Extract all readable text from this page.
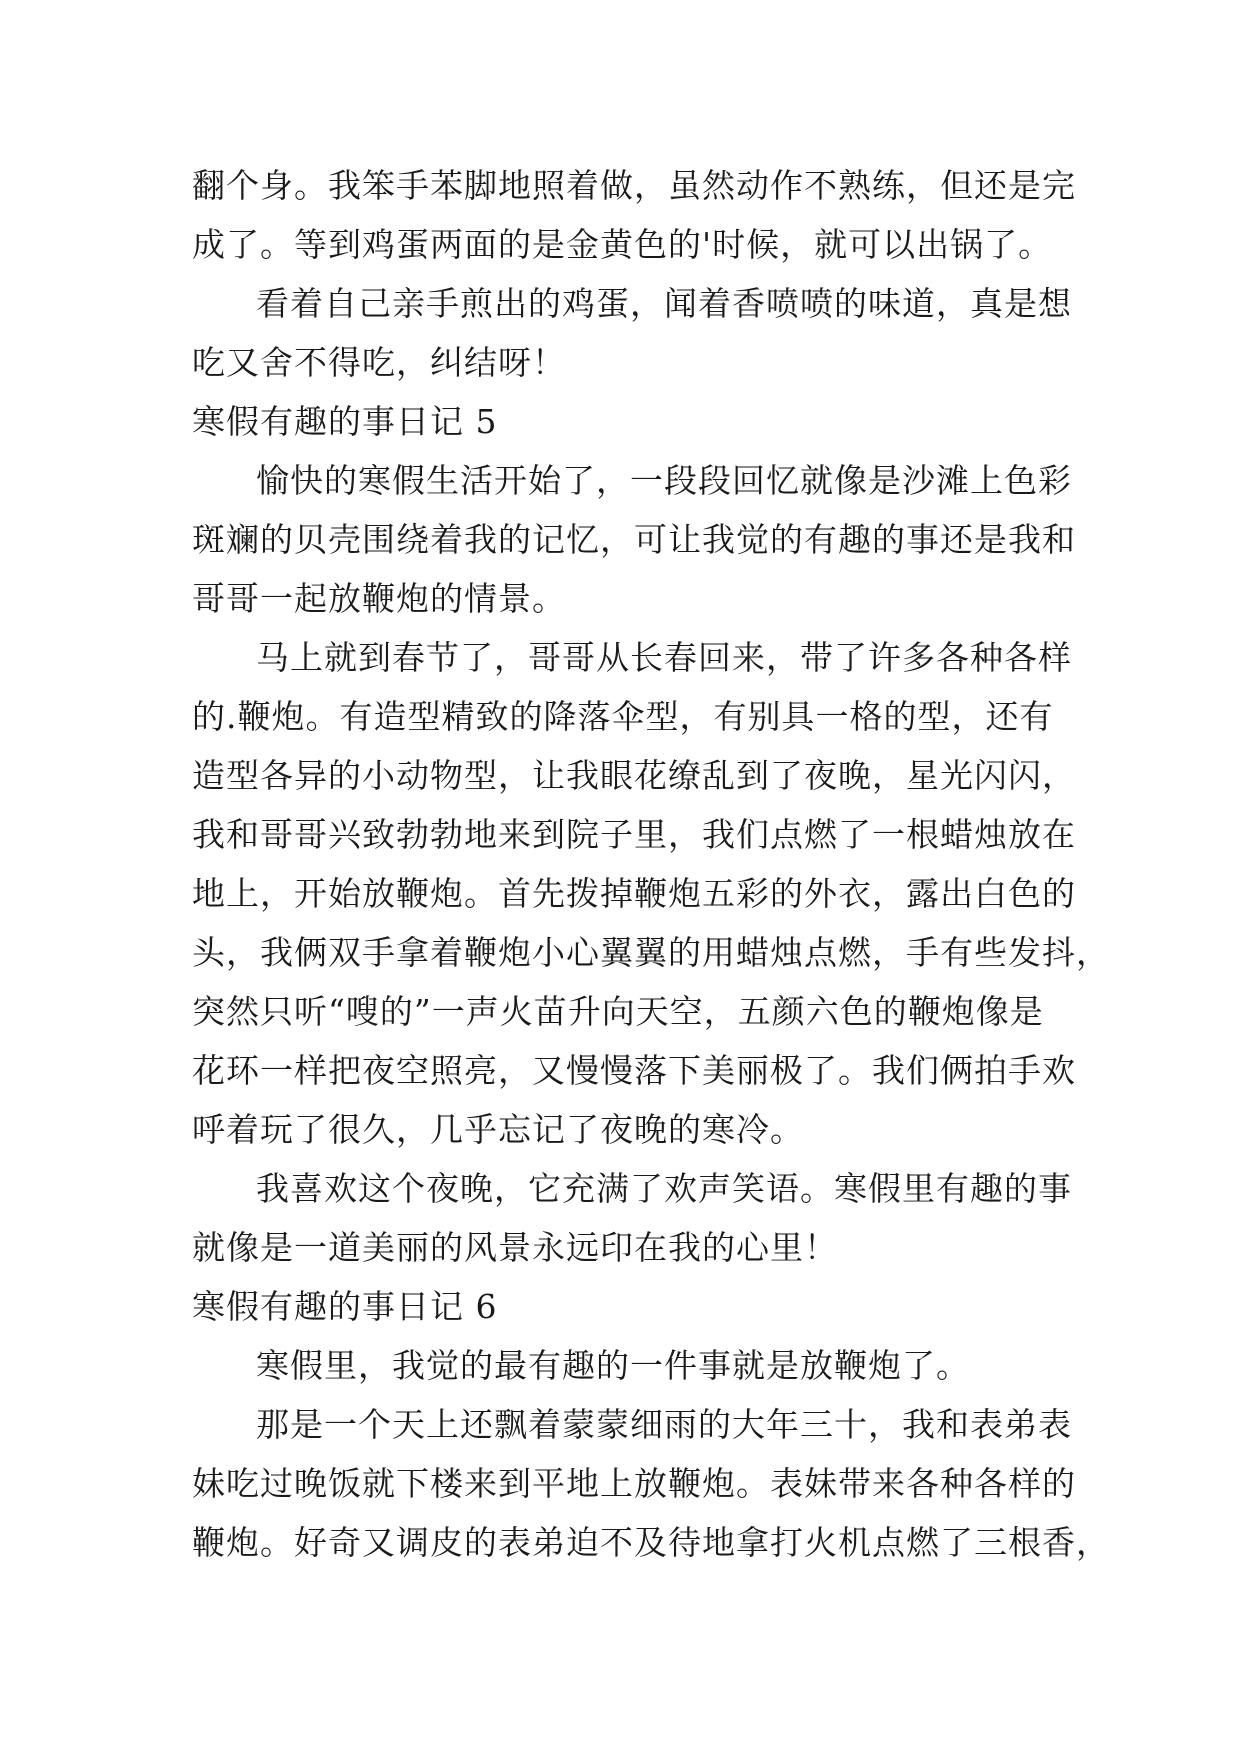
翻个身。我笨手苯脚地照着做，虽然动作不熟练，但还是完
成了。等到鸡蛋两面的是金黄色的'时候，就可以出锅了。
看着自己亲手煎出的鸡蛋，闻着香喷喷的味道，真是想
吃又舍不得吃，纠结呀！
寒假有趣的事日记 5
愉快的寒假生活开始了，一段段回忆就像是沙滩上色彩
斑斓的贝壳围绕着我的记忆，可让我觉的有趣的事还是我和
哥哥一起放鞭炮的情景。
马上就到春节了，哥哥从长春回来，带了许多各种各样
的.鞭炮。有造型精致的降落伞型，有别具一格的型，还有
造型各异的小动物型，让我眼花缭乱到了夜晚，星光闪闪，
我和哥哥兴致勃勃地来到院子里，我们点燃了一根蜡烛放在
地上，开始放鞭炮。首先拨掉鞭炮五彩的外衣，露出白色的
头，我俩双手拿着鞭炮小心翼翼的用蜡烛点燃，手有些发抖，
突然只听“嗖的”一声火苗升向天空，五颜六色的鞭炮像是
花环一样把夜空照亮，又慢慢落下美丽极了。我们俩拍手欢
呼着玩了很久，几乎忘记了夜晚的寒冷。
我喜欢这个夜晚，它充满了欢声笑语。寒假里有趣的事
就像是一道美丽的风景永远印在我的心里！
寒假有趣的事日记 6
寒假里，我觉的最有趣的一件事就是放鞭炮了。
那是一个天上还飘着蒙蒙细雨的大年三十，我和表弟表
妹吃过晚饭就下楼来到平地上放鞭炮。表妹带来各种各样的
鞭炮。好奇又调皮的表弟迫不及待地拿打火机点燃了三根香，
